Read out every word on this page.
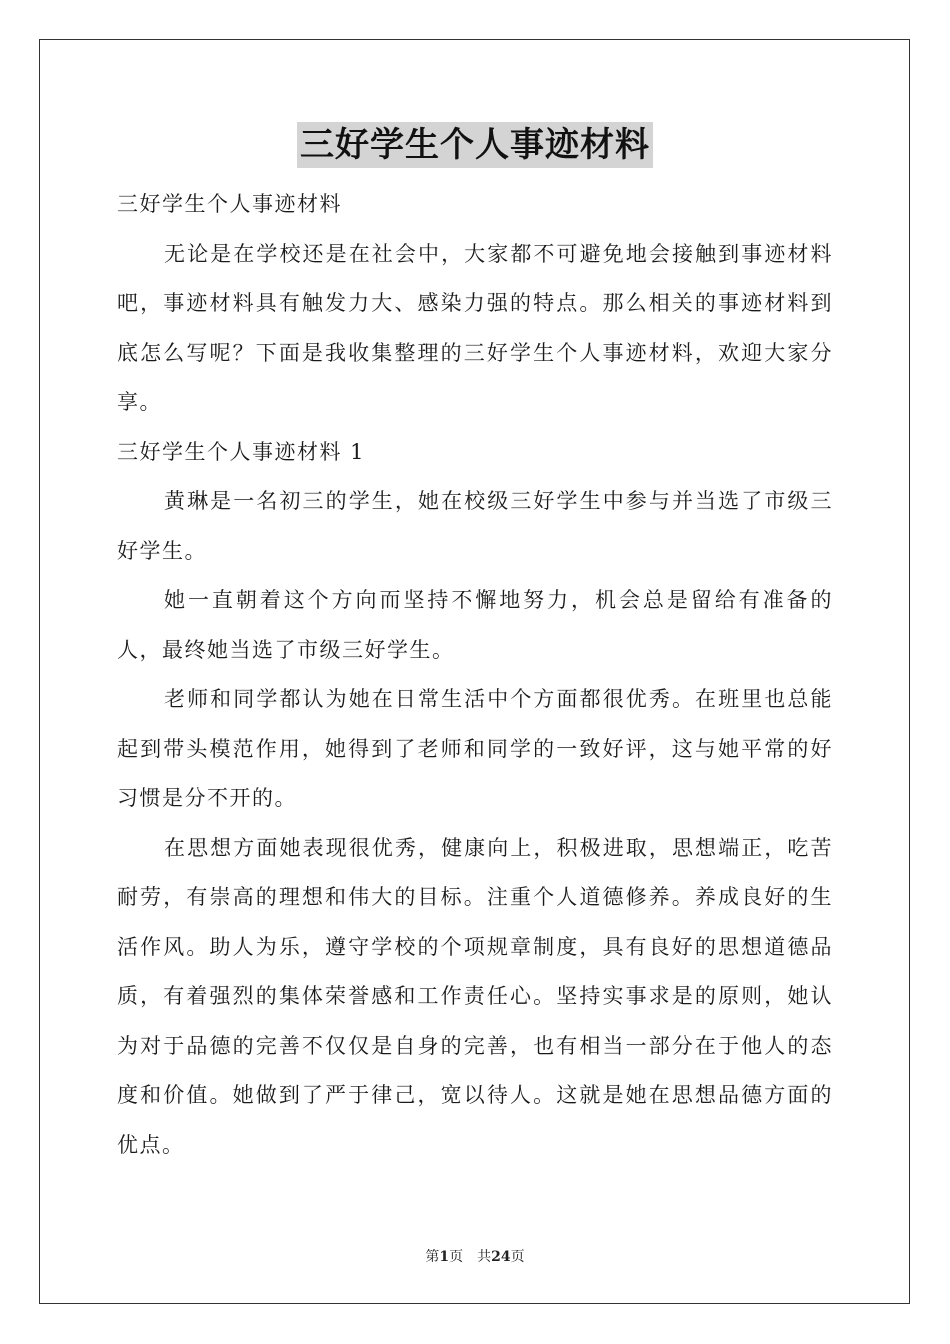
三好学生个人事迹材料

三好学生个人事迹材料

无论是在学校还是在社会中，大家都不可避免地会接触到事迹材料吧，事迹材料具有触发力大、感染力强的特点。那么相关的事迹材料到底怎么写呢？下面是我收集整理的三好学生个人事迹材料，欢迎大家分享。

三好学生个人事迹材料 1

黄琳是一名初三的学生，她在校级三好学生中参与并当选了市级三好学生。

她一直朝着这个方向而坚持不懈地努力，机会总是留给有准备的人，最终她当选了市级三好学生。

老师和同学都认为她在日常生活中个方面都很优秀。在班里也总能起到带头模范作用，她得到了老师和同学的一致好评，这与她平常的好习惯是分不开的。

在思想方面她表现很优秀，健康向上，积极进取，思想端正，吃苦耐劳，有崇高的理想和伟大的目标。注重个人道德修养。养成良好的生活作风。助人为乐，遵守学校的个项规章制度，具有良好的思想道德品质，有着强烈的集体荣誉感和工作责任心。坚持实事求是的原则，她认为对于品德的完善不仅仅是自身的完善，也有相当一部分在于他人的态度和价值。她做到了严于律己，宽以待人。这就是她在思想品德方面的优点。

第1页 共24页
